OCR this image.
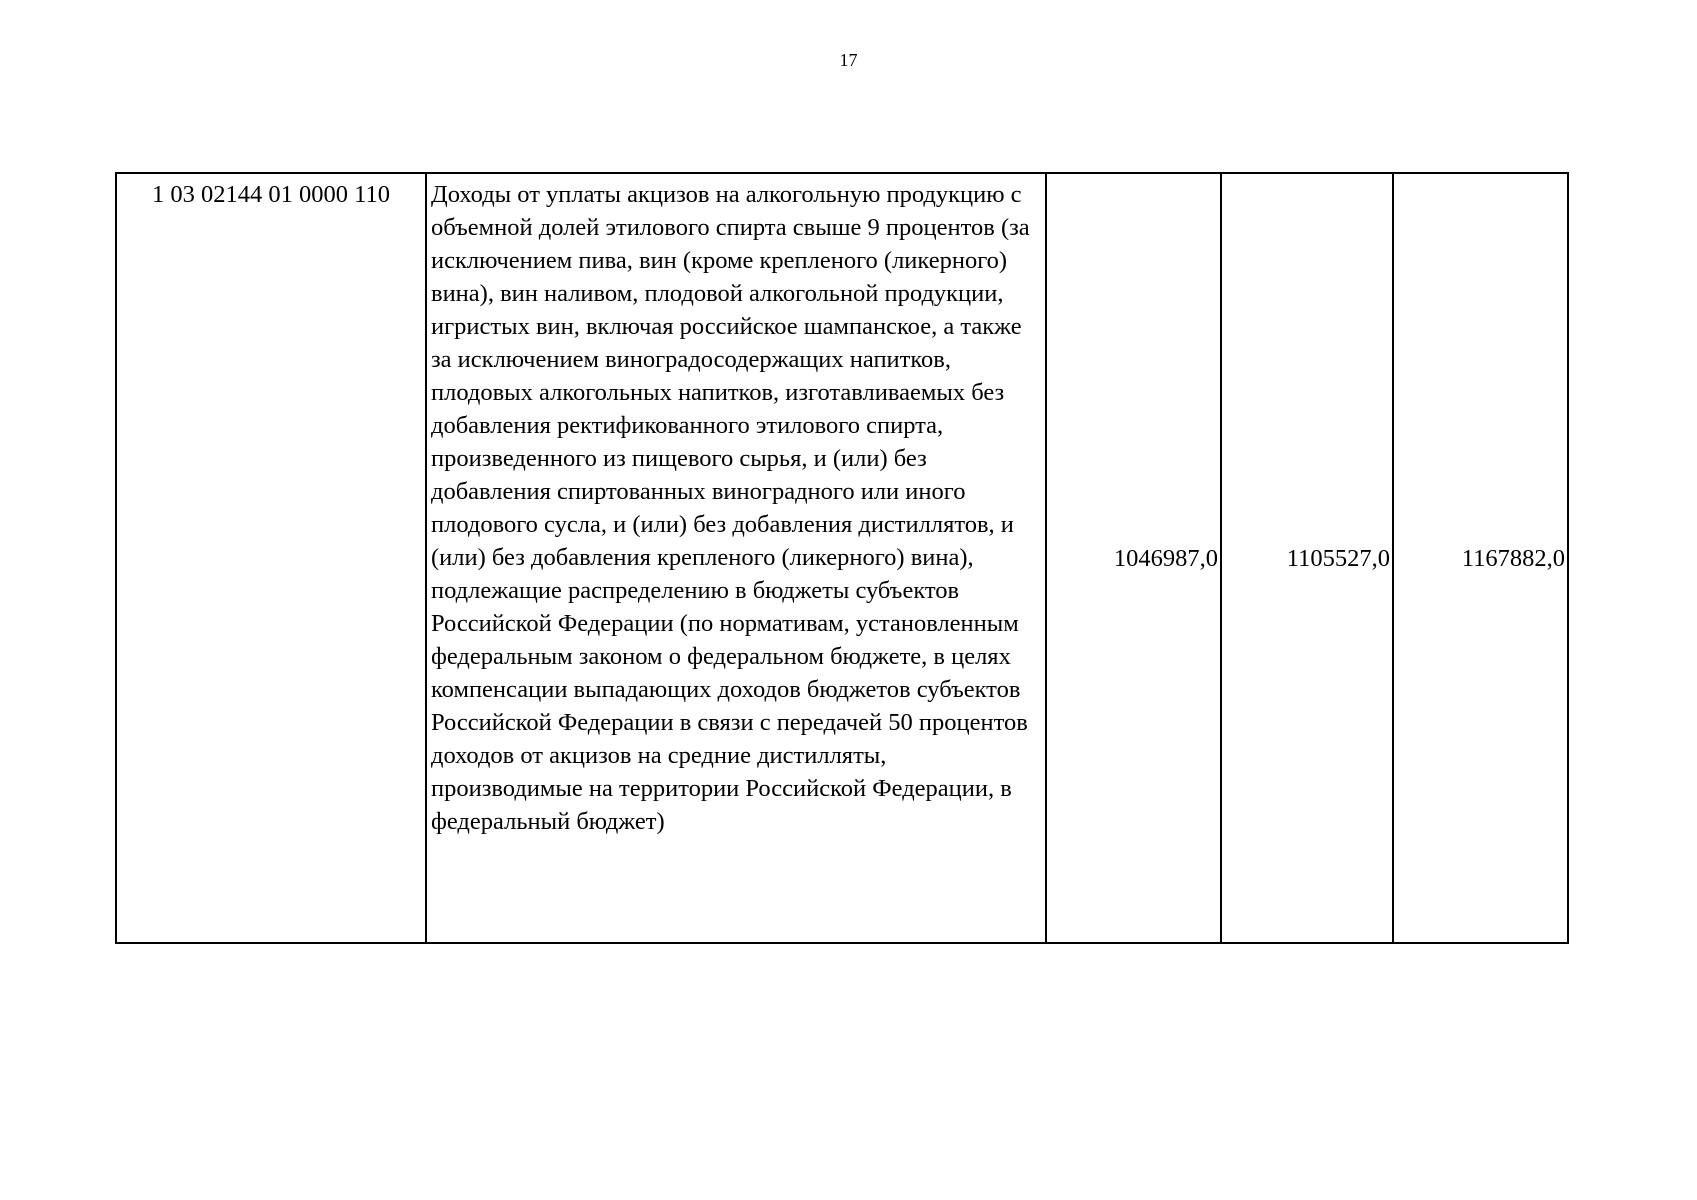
17
1 03 02144 01 0000 110	Доходы от уплаты акцизов на алкогольную продукцию с объемной долей этилового спирта свыше 9 процентов (за исключением пива, вин (кроме крепленого (ликерного) вина), вин наливом, плодовой алкогольной продукции, игристых вин, включая российское шампанское, а также за исключением виноградосодержащих напитков, плодовых алкогольных напитков, изготавливаемых без добавления ректификованного этилового спирта, произведенного из пищевого сырья, и (или) без добавления спиртованных виноградного или иного плодового сусла, и (или) без добавления дистиллятов, и (или) без добавления крепленого (ликерного) вина), подлежащие распределению в бюджеты субъектов Российской Федерации (по нормативам, установленным федеральным законом о федеральном бюджете, в целях компенсации выпадающих доходов бюджетов субъектов Российской Федерации в связи с передачей 50 процентов доходов от акцизов на средние дистилляты, производимые на территории Российской Федерации, в федеральный бюджет)	1046987,0	1105527,0	1167882,0
